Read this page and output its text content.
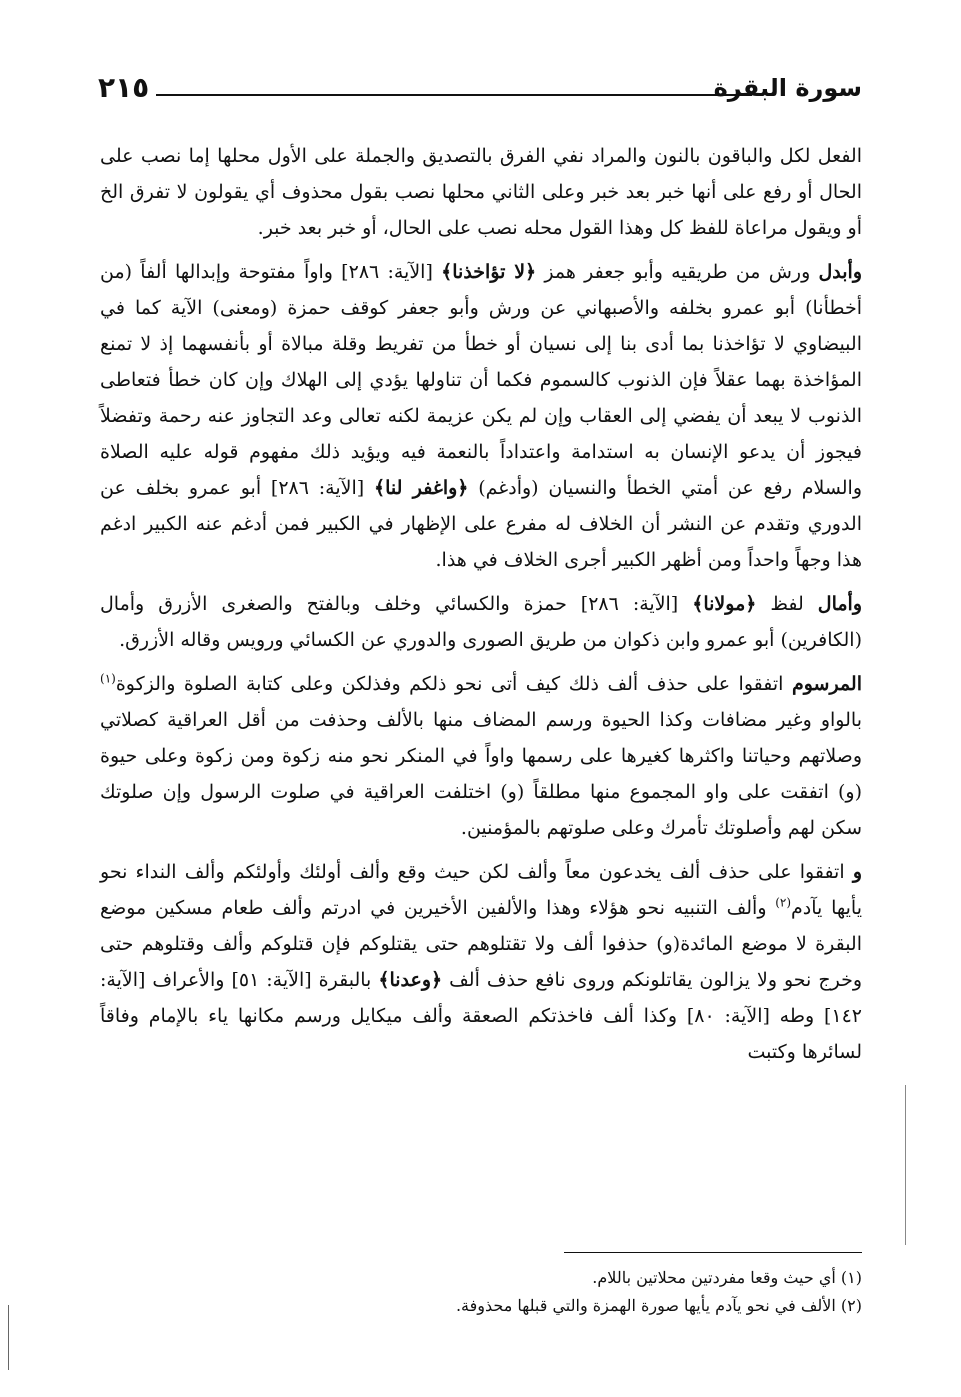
٢١٥	سورة البقرة

الفعل لكل والباقون بالنون والمراد نفي الفرق بالتصديق والجملة على الأول محلها إما نصب على الحال أو رفع على أنها خبر بعد خبر وعلى الثاني محلها نصب بقول محذوف أي يقولون لا تفرق الخ أو ويقول مراعاة للفظ كل وهذا القول محله نصب على الحال، أو خبر بعد خبر.

وأبدل ورش من طريقيه وأبو جعفر همز ﴿لا تؤاخذنا﴾ [الآية: ٢٨٦] واواً مفتوحة وإبدالها ألفاً (من أخطأنا) أبو عمرو بخلفه والأصبهاني عن ورش وأبو جعفر كوقف حمزة (ومعنى) الآية كما في البيضاوي لا تؤاخذنا بما أدى بنا إلى نسيان أو خطأ من تفريط وقلة مبالاة أو بأنفسهما إذ لا تمنع المؤاخذة بهما عقلاً فإن الذنوب كالسموم فكما أن تناولها يؤدي إلى الهلاك وإن كان خطأ فتعاطى الذنوب لا يبعد أن يفضي إلى العقاب وإن لم يكن عزيمة لكنه تعالى وعد التجاوز عنه رحمة وتفضلاً فيجوز أن يدعو الإنسان به استدامة واعتداداً بالنعمة فيه ويؤيد ذلك مفهوم قوله عليه الصلاة والسلام رفع عن أمتي الخطأ والنسيان (وأدغم) ﴿واغفر لنا﴾ [الآية: ٢٨٦] أبو عمرو بخلف عن الدوري وتقدم عن النشر أن الخلاف له مفرع على الإظهار في الكبير فمن أدغم عنه الكبير ادغم هذا وجهاً واحداً ومن أظهر الكبير أجرى الخلاف في هذا.

وأمال لفظ ﴿مولانا﴾ [الآية: ٢٨٦] حمزة والكسائي وخلف وبالفتح والصغرى الأزرق وأمال (الكافرين) أبو عمرو وابن ذكوان من طريق الصورى والدوري عن الكسائي ورويس وقاله الأزرق.

المرسوم اتفقوا على حذف ألف ذلك كيف أتى نحو ذلكم وفذلكن وعلى كتابة الصلوة والزكوة$^{(١)}$ بالواو وغير مضافات وكذا الحيوة ورسم المضاف منها بالألف وحذفت من أقل العراقية كصلاتي وصلاتهم وحياتنا واكثرها كغيرها على رسمها واواً في المنكر نحو منه زكوة ومن زكوة وعلى حيوة (و) اتفقت على واو المجموع منها مطلقاً (و) اختلفت العراقية في صلوت الرسول وإن صلوتك سكن لهم وأصلوتك تأمرك وعلى صلوتهم بالمؤمنين.

و اتفقوا على حذف ألف يخدعون معاً وألف لكن حيث وقع وألف أولئك وأولئكم وألف النداء نحو يأيها يآدم$^{(٢)}$ وألف التنبيه نحو هؤلاء وهذا والألفين الأخيرين في ادرتم وألف طعام مسكين موضع البقرة لا موضع المائدة(و) حذفوا ألف ولا تقتلوهم حتى يقتلوكم فإن قتلوكم وألف وقتلوهم حتى وخرج نحو ولا يزالون يقاتلونكم وروى نافع حذف ألف ﴿وعدنا﴾ بالبقرة [الآية: ٥١] والأعراف [الآية: ١٤٢] وطه [الآية: ٨٠] وكذا ألف فاخذتكم الصعقة وألف ميكايل ورسم مكانها ياء بالإمام وفاقاً لسائرها وكتبت

(١) أي حيث وقعا مفردتين محلاتين باللام.

(٢) الألف في نحو يآدم يأيها صورة الهمزة والتي قبلها محذوفة.
